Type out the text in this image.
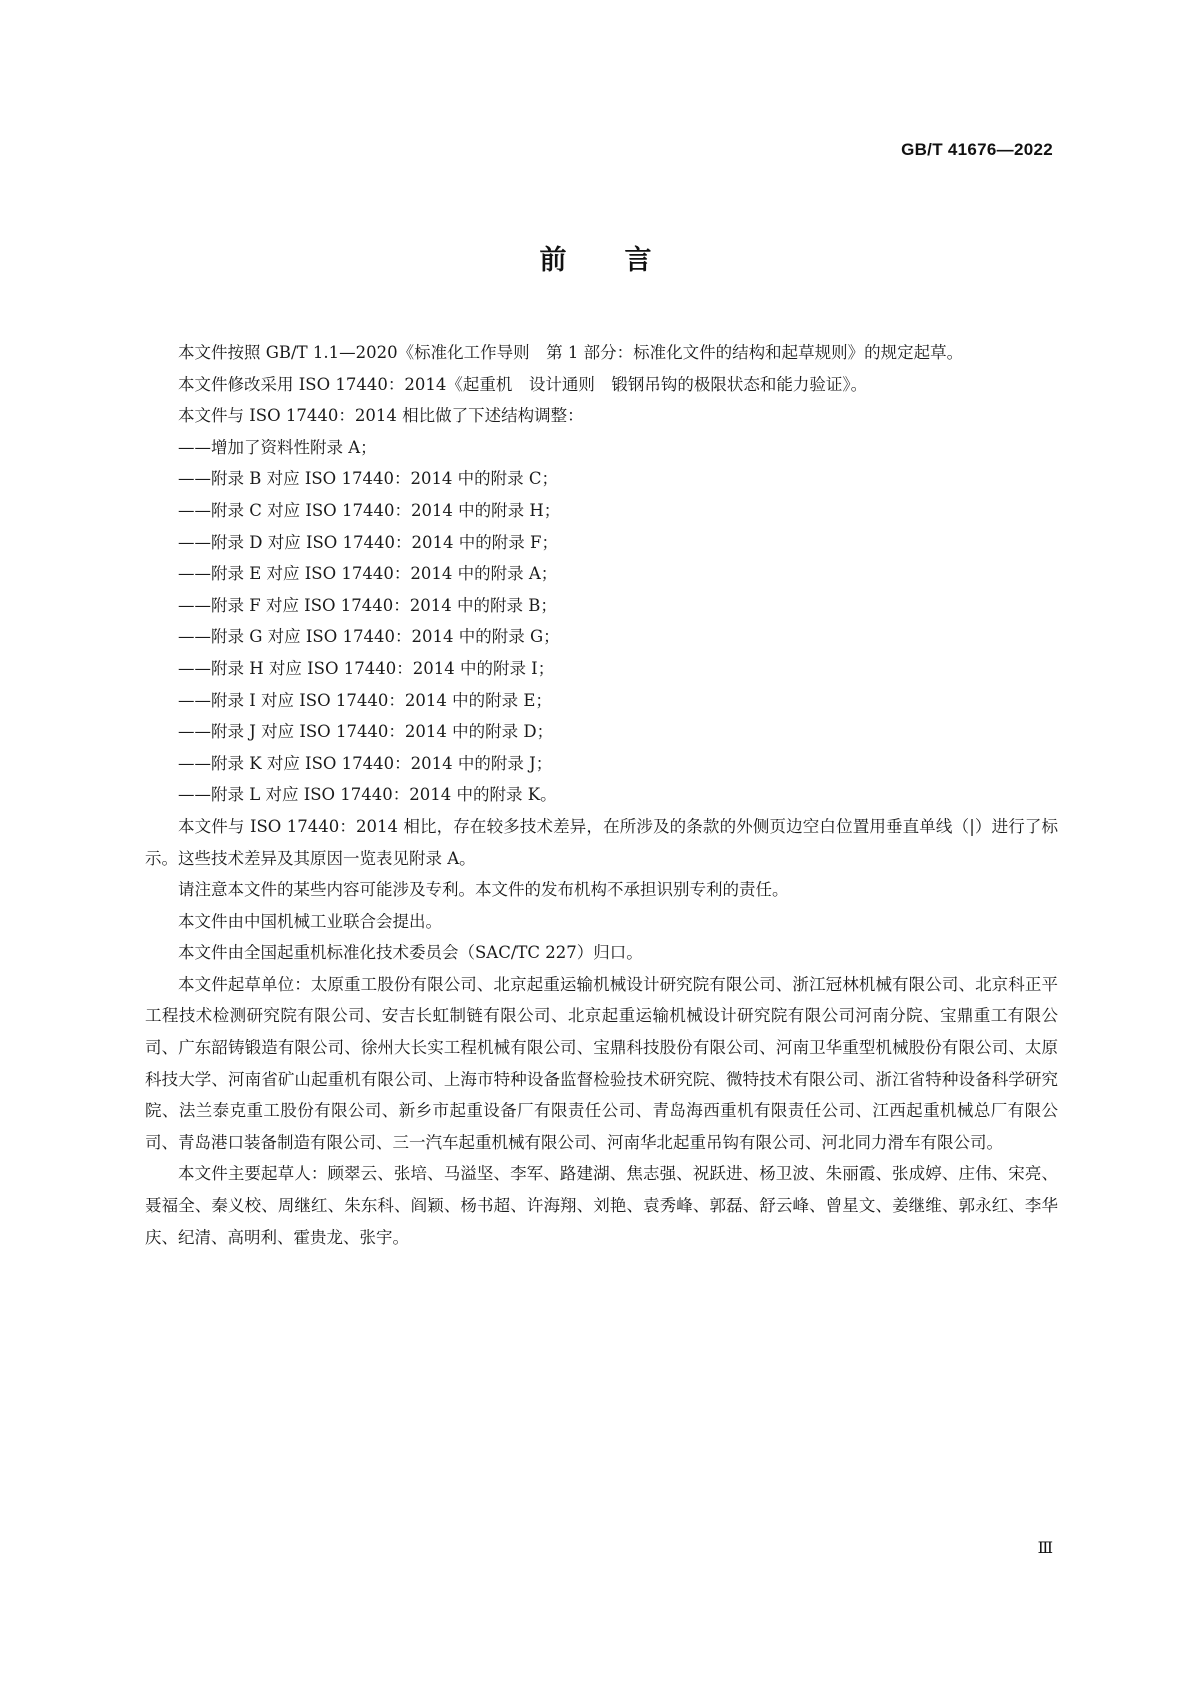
GB/T 41676—2022
前言

本文件按照 GB/T 1.1—2020《标准化工作导则　第 1 部分：标准化文件的结构和起草规则》的规定起草。

本文件修改采用 ISO 17440：2014《起重机　设计通则　锻钢吊钩的极限状态和能力验证》。

本文件与 ISO 17440：2014 相比做了下述结构调整：

——增加了资料性附录 A；
——附录 B 对应 ISO 17440：2014 中的附录 C；
——附录 C 对应 ISO 17440：2014 中的附录 H；
——附录 D 对应 ISO 17440：2014 中的附录 F；
——附录 E 对应 ISO 17440：2014 中的附录 A；
——附录 F 对应 ISO 17440：2014 中的附录 B；
——附录 G 对应 ISO 17440：2014 中的附录 G；
——附录 H 对应 ISO 17440：2014 中的附录 I；
——附录 I 对应 ISO 17440：2014 中的附录 E；
——附录 J 对应 ISO 17440：2014 中的附录 D；
——附录 K 对应 ISO 17440：2014 中的附录 J；
——附录 L 对应 ISO 17440：2014 中的附录 K。

本文件与 ISO 17440：2014 相比，存在较多技术差异，在所涉及的条款的外侧页边空白位置用垂直单线（|）进行了标示。这些技术差异及其原因一览表见附录 A。

请注意本文件的某些内容可能涉及专利。本文件的发布机构不承担识别专利的责任。

本文件由中国机械工业联合会提出。

本文件由全国起重机标准化技术委员会（SAC/TC 227）归口。

本文件起草单位：太原重工股份有限公司、北京起重运输机械设计研究院有限公司、浙江冠林机械有限公司、北京科正平工程技术检测研究院有限公司、安吉长虹制链有限公司、北京起重运输机械设计研究院有限公司河南分院、宝鼎重工有限公司、广东韶铸锻造有限公司、徐州大长实工程机械有限公司、宝鼎科技股份有限公司、河南卫华重型机械股份有限公司、太原科技大学、河南省矿山起重机有限公司、上海市特种设备监督检验技术研究院、微特技术有限公司、浙江省特种设备科学研究院、法兰泰克重工股份有限公司、新乡市起重设备厂有限责任公司、青岛海西重机有限责任公司、江西起重机械总厂有限公司、青岛港口装备制造有限公司、三一汽车起重机械有限公司、河南华北起重吊钩有限公司、河北同力滑车有限公司。

本文件主要起草人：顾翠云、张培、马溢坚、李军、路建湖、焦志强、祝跃进、杨卫波、朱丽霞、张成婷、庄伟、宋亮、聂福全、秦义校、周继红、朱东科、阎颖、杨书超、许海翔、刘艳、袁秀峰、郭磊、舒云峰、曾星文、姜继维、郭永红、李华庆、纪清、高明利、霍贵龙、张宇。

Ⅲ
